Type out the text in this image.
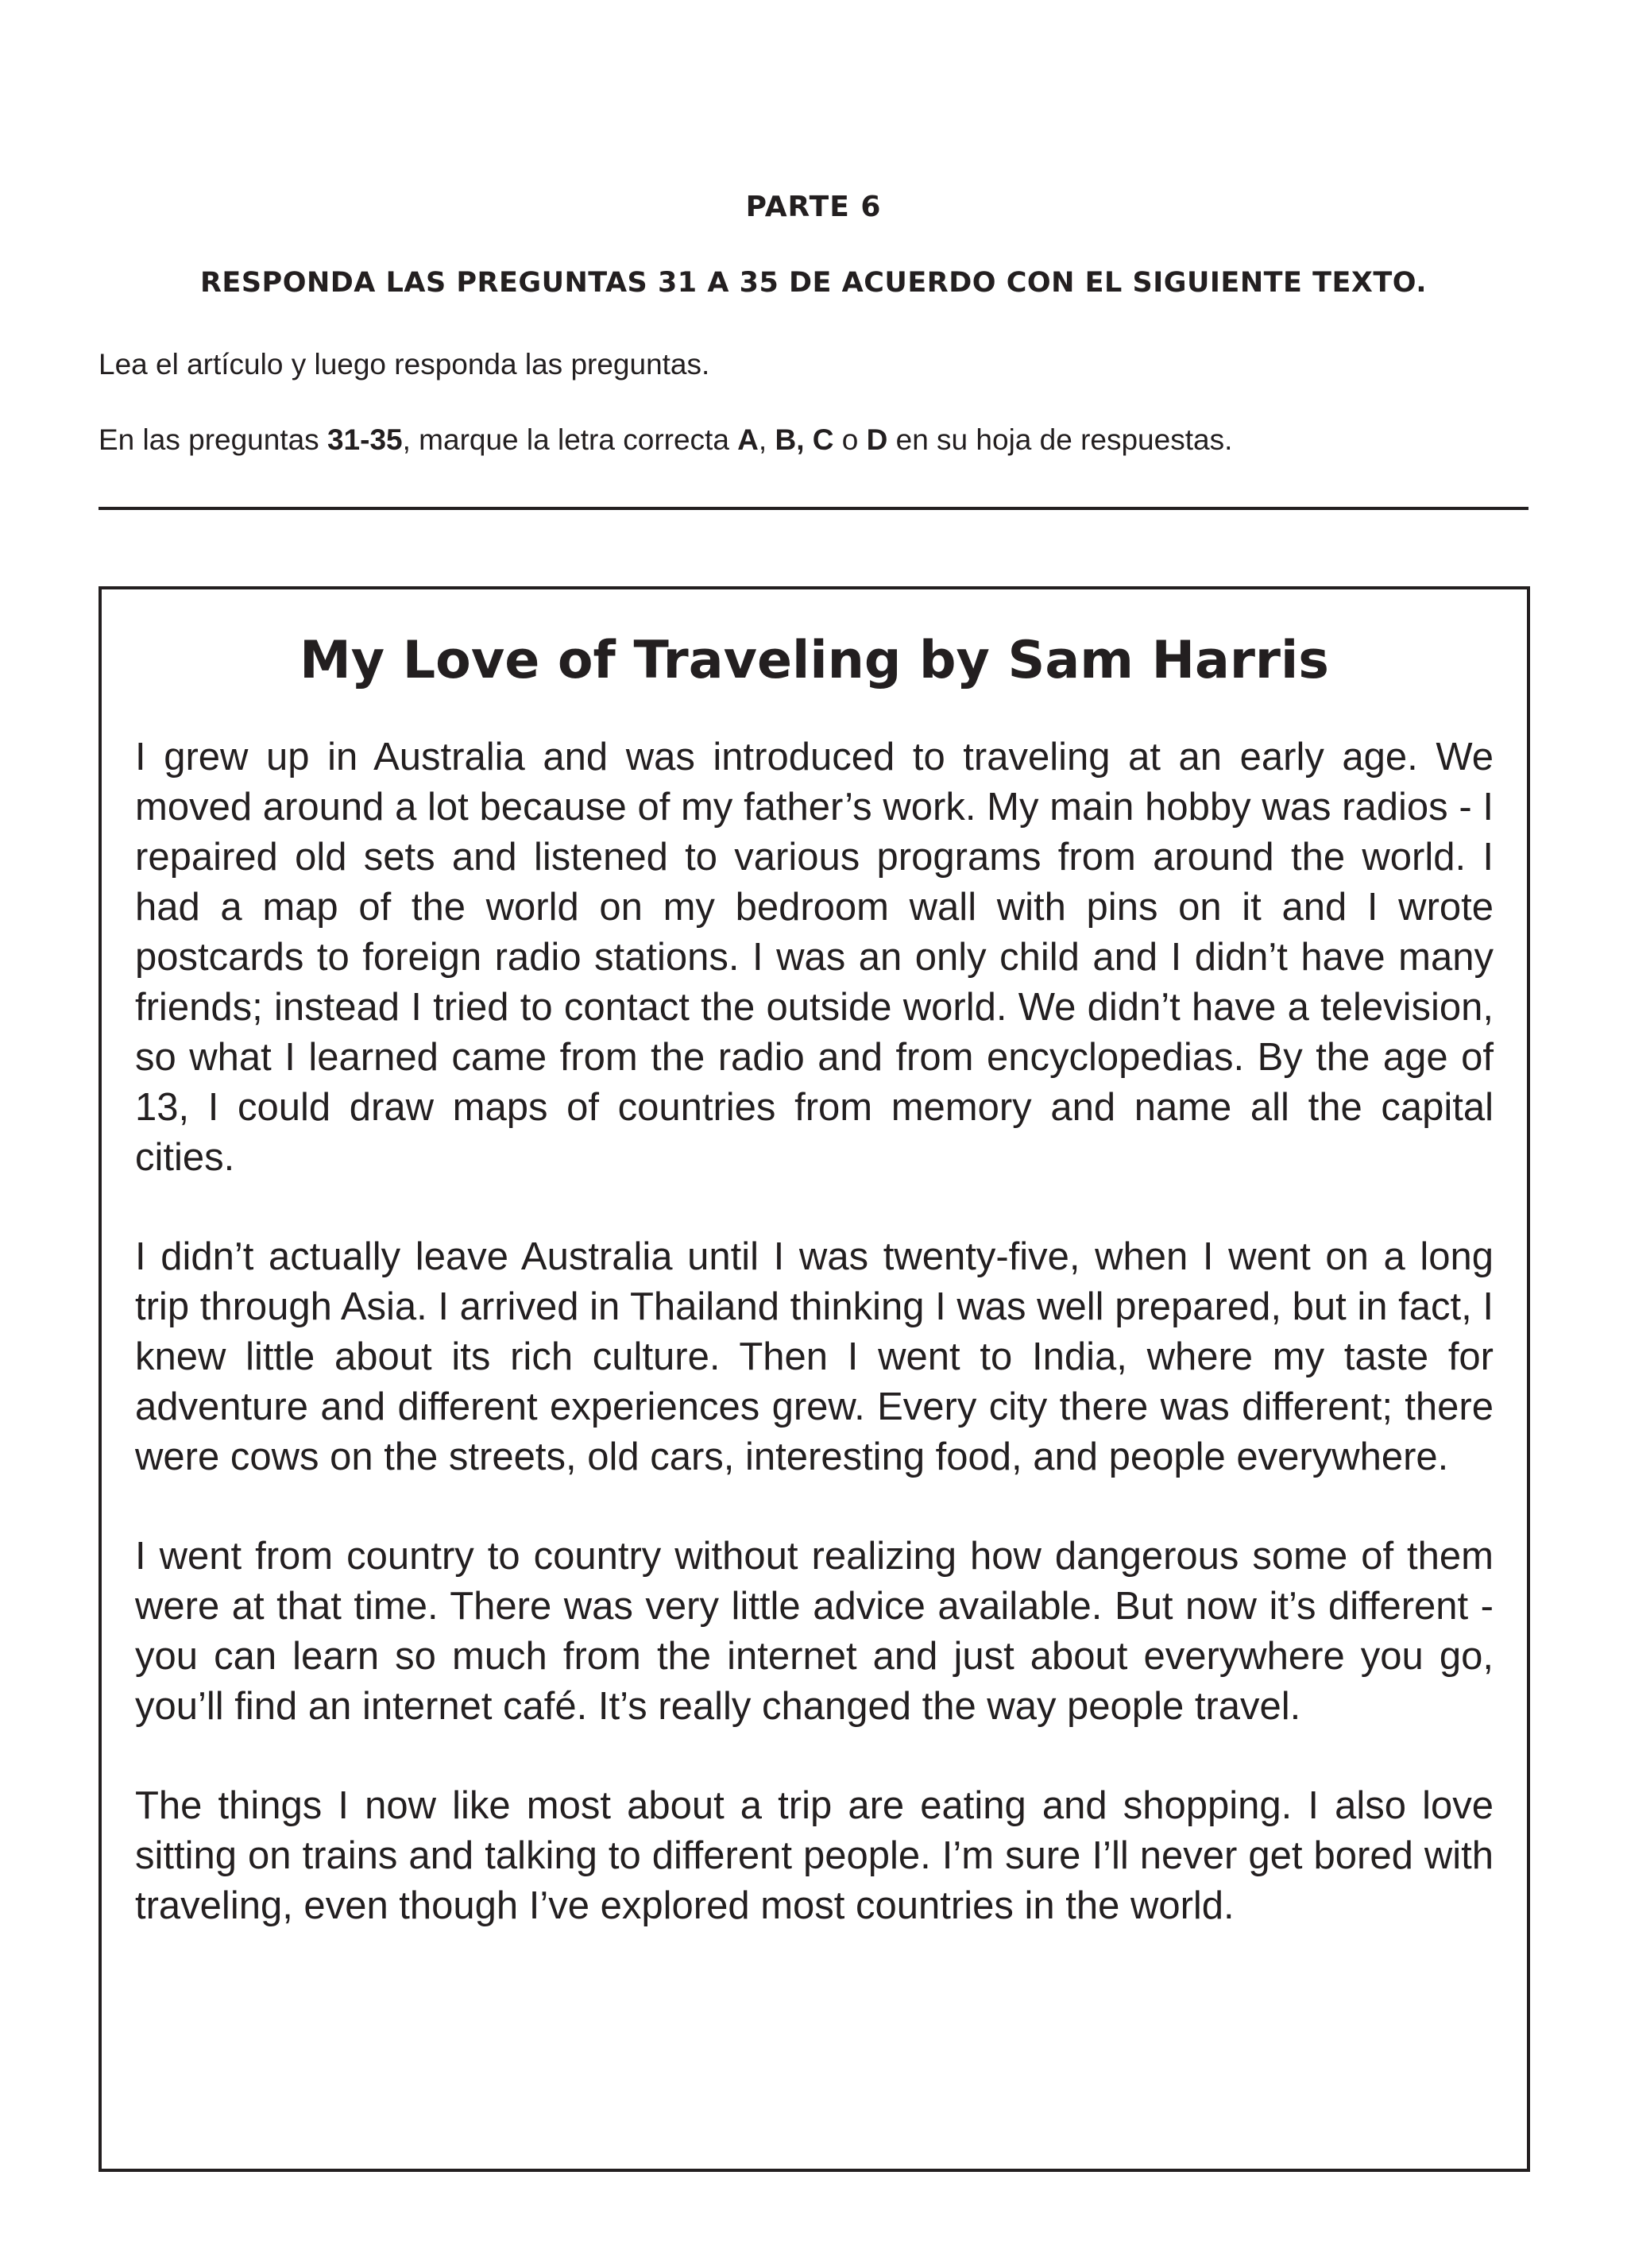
PARTE 6
RESPONDA LAS PREGUNTAS 31 A 35 DE ACUERDO CON EL SIGUIENTE TEXTO.
Lea el artículo y luego responda las preguntas.
En las preguntas 31-35, marque la letra correcta A, B, C o D en su hoja de respuestas.
My Love of Traveling by Sam Harris

I grew up in Australia and was introduced to traveling at an early age. We moved around a lot because of my father’s work. My main hobby was radios - I repaired old sets and listened to various programs from around the world. I had a map of the world on my bedroom wall with pins on it and I wrote postcards to foreign radio stations. I was an only child and I didn’t have many friends; instead I tried to contact the outside world. We didn’t have a television, so what I learned came from the radio and from encyclopedias. By the age of 13, I could draw maps of countries from memory and name all the capital cities.

I didn’t actually leave Australia until I was twenty-five, when I went on a long trip through Asia. I arrived in Thailand thinking I was well prepared, but in fact, I knew little about its rich culture. Then I went to India, where my taste for adventure and different experiences grew. Every city there was different; there were cows on the streets, old cars, interesting food, and people everywhere.

I went from country to country without realizing how dangerous some of them were at that time. There was very little advice available. But now it’s different - you can learn so much from the internet and just about everywhere you go, you’ll find an internet café. It’s really changed the way people travel.

The things I now like most about a trip are eating and shopping. I also love sitting on trains and talking to different people. I’m sure I’ll never get bored with traveling, even though I’ve explored most countries in the world.
